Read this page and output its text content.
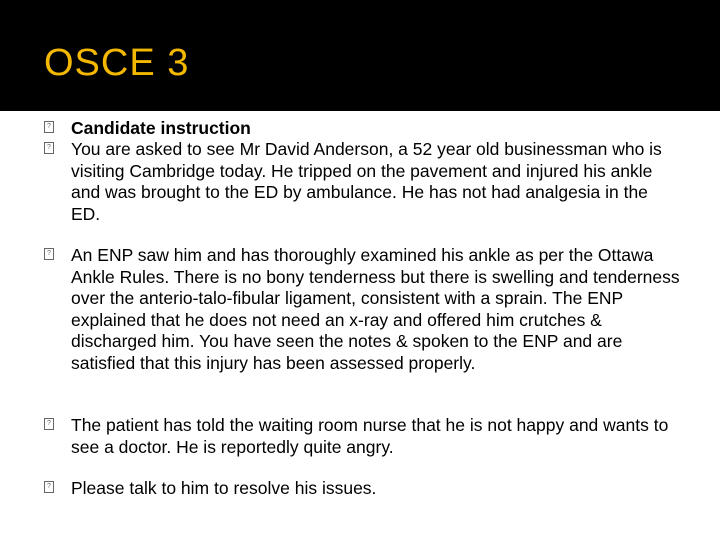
OSCE 3
? Candidate instruction
? You are asked to see Mr David Anderson, a 52 year old businessman who is visiting Cambridge today. He tripped on the pavement and injured his ankle and was brought to the ED by ambulance. He has not had analgesia in the ED.
? An ENP saw him and has thoroughly examined his ankle as per the Ottawa Ankle Rules. There is no bony tenderness but there is swelling and tenderness over the anterio-talo-fibular ligament, consistent with a sprain. The ENP explained that he does not need an x-ray and offered him crutches & discharged him. You have seen the notes & spoken to the ENP and are satisfied that this injury has been assessed properly.
? The patient has told the waiting room nurse that he is not happy and wants to see a doctor. He is reportedly quite angry.
? Please talk to him to resolve his issues.
